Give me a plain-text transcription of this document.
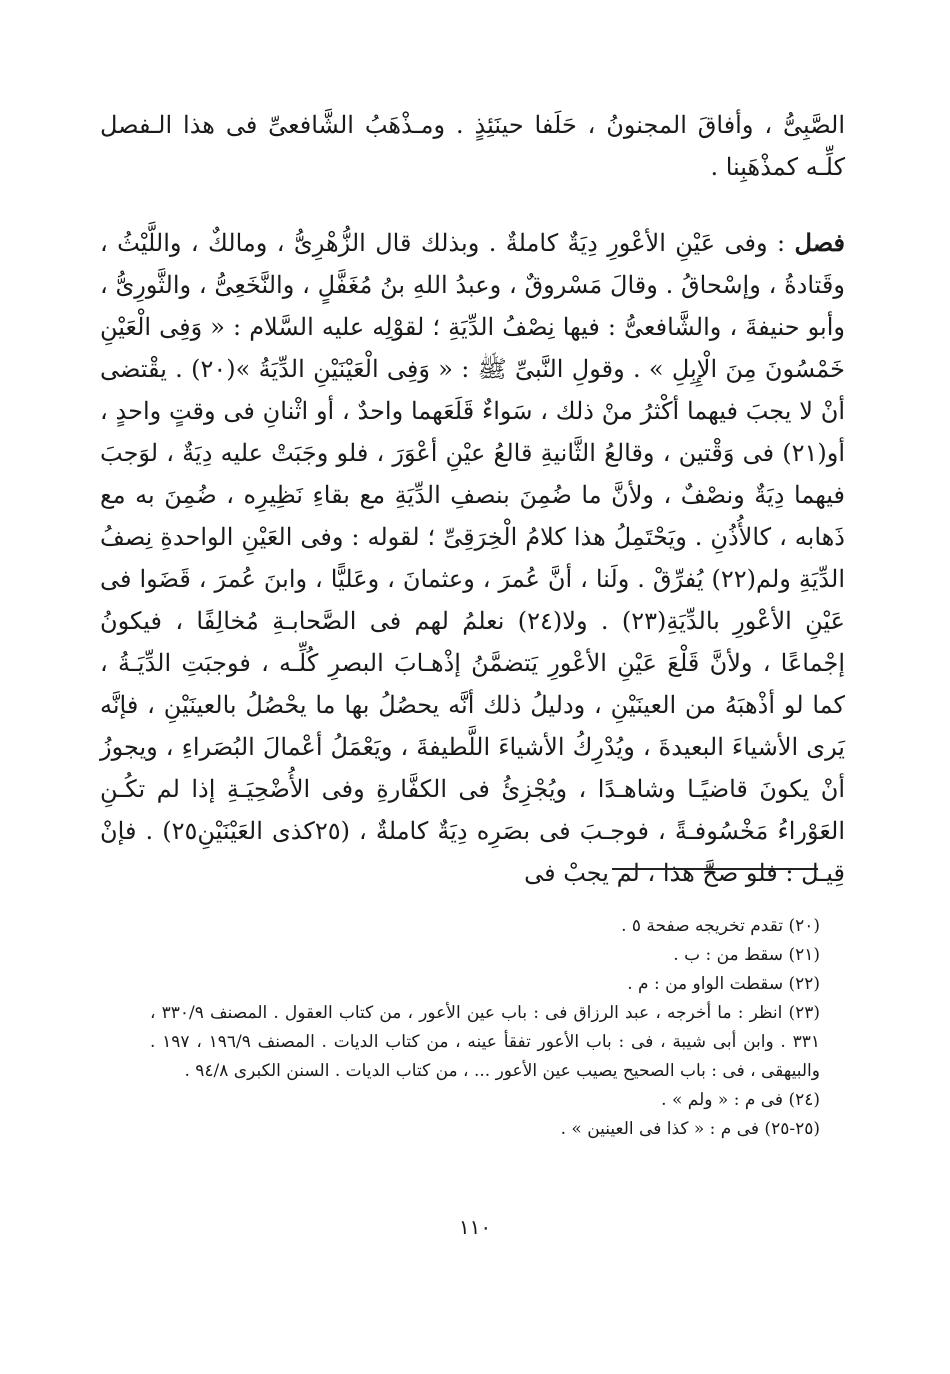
الصَّبِىُّ ، وأفاقَ المجنونُ ، حَلَفا حينَئِذٍ . ومـذْهَبُ الشَّافعىِّ فى هذا الـفصل كلِّـه كمذْهَبِنا .

فصل : وفى عَيْنِ الأعْورِ دِيَةٌ كاملةٌ . وبذلك قال الزُّهْرِىُّ ، ومالكٌ ، واللَّيْثُ ، وقَتادةُ ، وإسْحاقُ . وقالَ مَسْروقٌ ، وعبدُ اللهِ بنُ مُغَفَّلٍ ، والنَّخَعِىُّ ، والثَّورِىُّ ، وأبو حنيفةَ ، والشَّافعىُّ : فيها نِصْفُ الدِّيَةِ ؛ لقوْلِه عليه السَّلام : « وَفِى الْعَيْنِ خَمْسُونَ مِنَ الْإِبِلِ » . وقولِ النَّبىِّ ﷺ : « وَفِى الْعَيْنَيْنِ الدِّيَةُ »(٢٠) . يقْتضى أنْ لا يجبَ فيهما أكْثرُ منْ ذلك ، سَواءٌ قَلَعَهما واحدٌ ، أو اثْنانِ فى وقتٍ واحدٍ ، أو(٢١) فى وَقْتين ، وقالعُ الثَّانيةِ قالعُ عيْنِ أعْوَرَ ، فلو وجَبَتْ عليه دِيَةٌ ، لوَجبَ فيهما دِيَةٌ ونصْفٌ ، ولأنَّ ما ضُمِنَ بنصفِ الدِّيَةِ مع بقاءِ نَظِيرِه ، ضُمِنَ به مع ذَهابه ، كالأُذُنِ . ويَحْتَمِلُ هذا كلامُ الْخِرَقِىِّ ؛ لقوله : وفى العَيْنِ الواحدةِ نِصفُ الدِّيَةِ ولم(٢٢) يُفرِّقْ . ولَنا ، أنَّ عُمرَ ، وعثمانَ ، وعَليًّا ، وابنَ عُمرَ ، قَضَوا فى عَيْنِ الأعْورِ بالدِّيَةِ(٢٣) . ولا(٢٤) نعلمُ لهم فى الصَّحابـةِ مُخالِفًا ، فيكونُ إجْماعًا ، ولأنَّ قَلْعَ عَيْنِ الأعْورِ يَتضمَّنُ إذْهـابَ البصرِ كُلِّـه ، فوجبَتِ الدِّيَـةُ ، كما لو أذْهبَهُ من العينَيْنِ ، ودليلُ ذلك أنَّه يحصُلُ بها ما يحْصُلُ بالعينَيْنِ ، فإنَّه يَرى الأشياءَ البعيدةَ ، ويُدْرِكُ الأشياءَ اللَّطيفةَ ، ويَعْمَلُ أعْمالَ البُصَراءِ ، ويجوزُ أنْ يكونَ قاضيًـا وشاهـدًا ، ويُجْزِئُ فى الكفَّارةِ وفى الأُضْحِيَـةِ إذا لم تكُـنِ العَوْراءُ مَخْسُوفـةً ، فوجـبَ فى بصَرِه دِيَةٌ كاملةٌ ، (٢٥كذى العَيْنَيْنِ٢٥) . فإنْ قِيـل : فلو صحَّ هذا ، لم يجبْ فى

(٢٠) تقدم تخريجه صفحة ٥ .

(٢١) سقط من : ب .

(٢٢) سقطت الواو من : م .

(٢٣) انظر : ما أخرجه ، عبد الرزاق فى : باب عين الأعور ، من كتاب العقول . المصنف ٣٣٠/٩ ، ٣٣١ . وابن أبى شيبة ، فى : باب الأعور تفقأ عينه ، من كتاب الديات . المصنف ١٩٦/٩ ، ١٩٧ . والبيهقى ، فى : باب الصحيح يصيب عين الأعور ... ، من كتاب الديات . السنن الكبرى ٩٤/٨ .

(٢٤) فى م : « ولم » .

(٢٥-٢٥) فى م : « كذا فى العينين » .

١١٠
